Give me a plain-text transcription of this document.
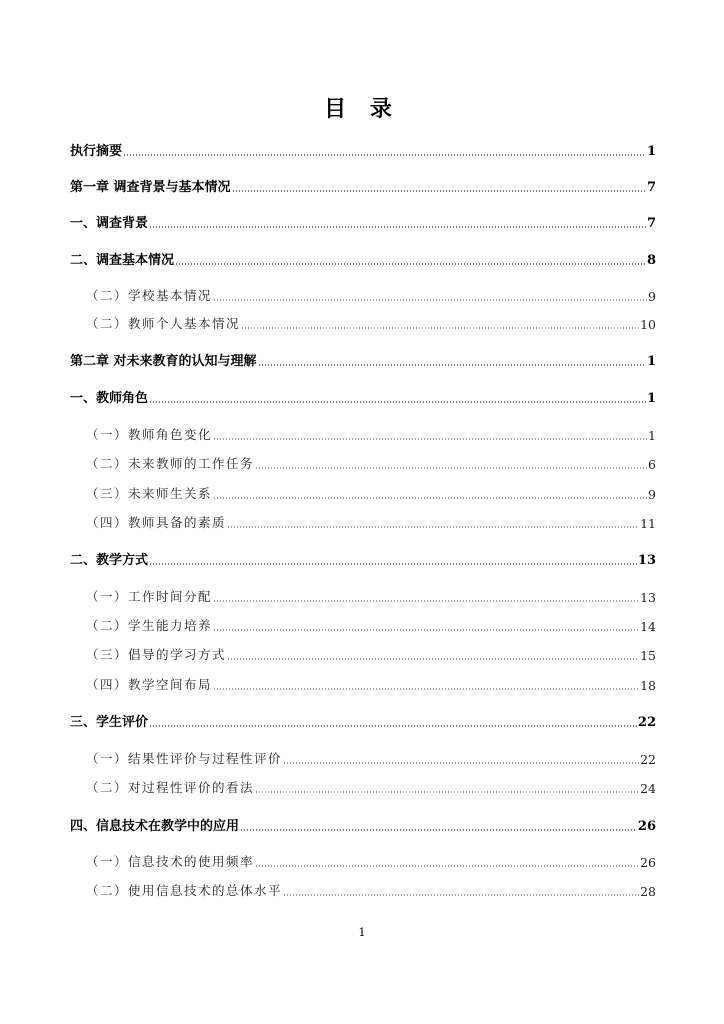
目 录
执行摘要	1
第一章 调查背景与基本情况	7
一、调查背景	7
二、调查基本情况	8
（二）学校基本情况	9
（二）教师个人基本情况	10
第二章 对未来教育的认知与理解	1
一、教师角色	1
（一）教师角色变化	1
（二）未来教师的工作任务	6
（三）未来师生关系	9
（四）教师具备的素质	11
二、教学方式	13
（一）工作时间分配	13
（二）学生能力培养	14
（三）倡导的学习方式	15
（四）教学空间布局	18
三、学生评价	22
（一）结果性评价与过程性评价	22
（二）对过程性评价的看法	24
四、信息技术在教学中的应用	26
（一）信息技术的使用频率	26
（二）使用信息技术的总体水平	28
1
